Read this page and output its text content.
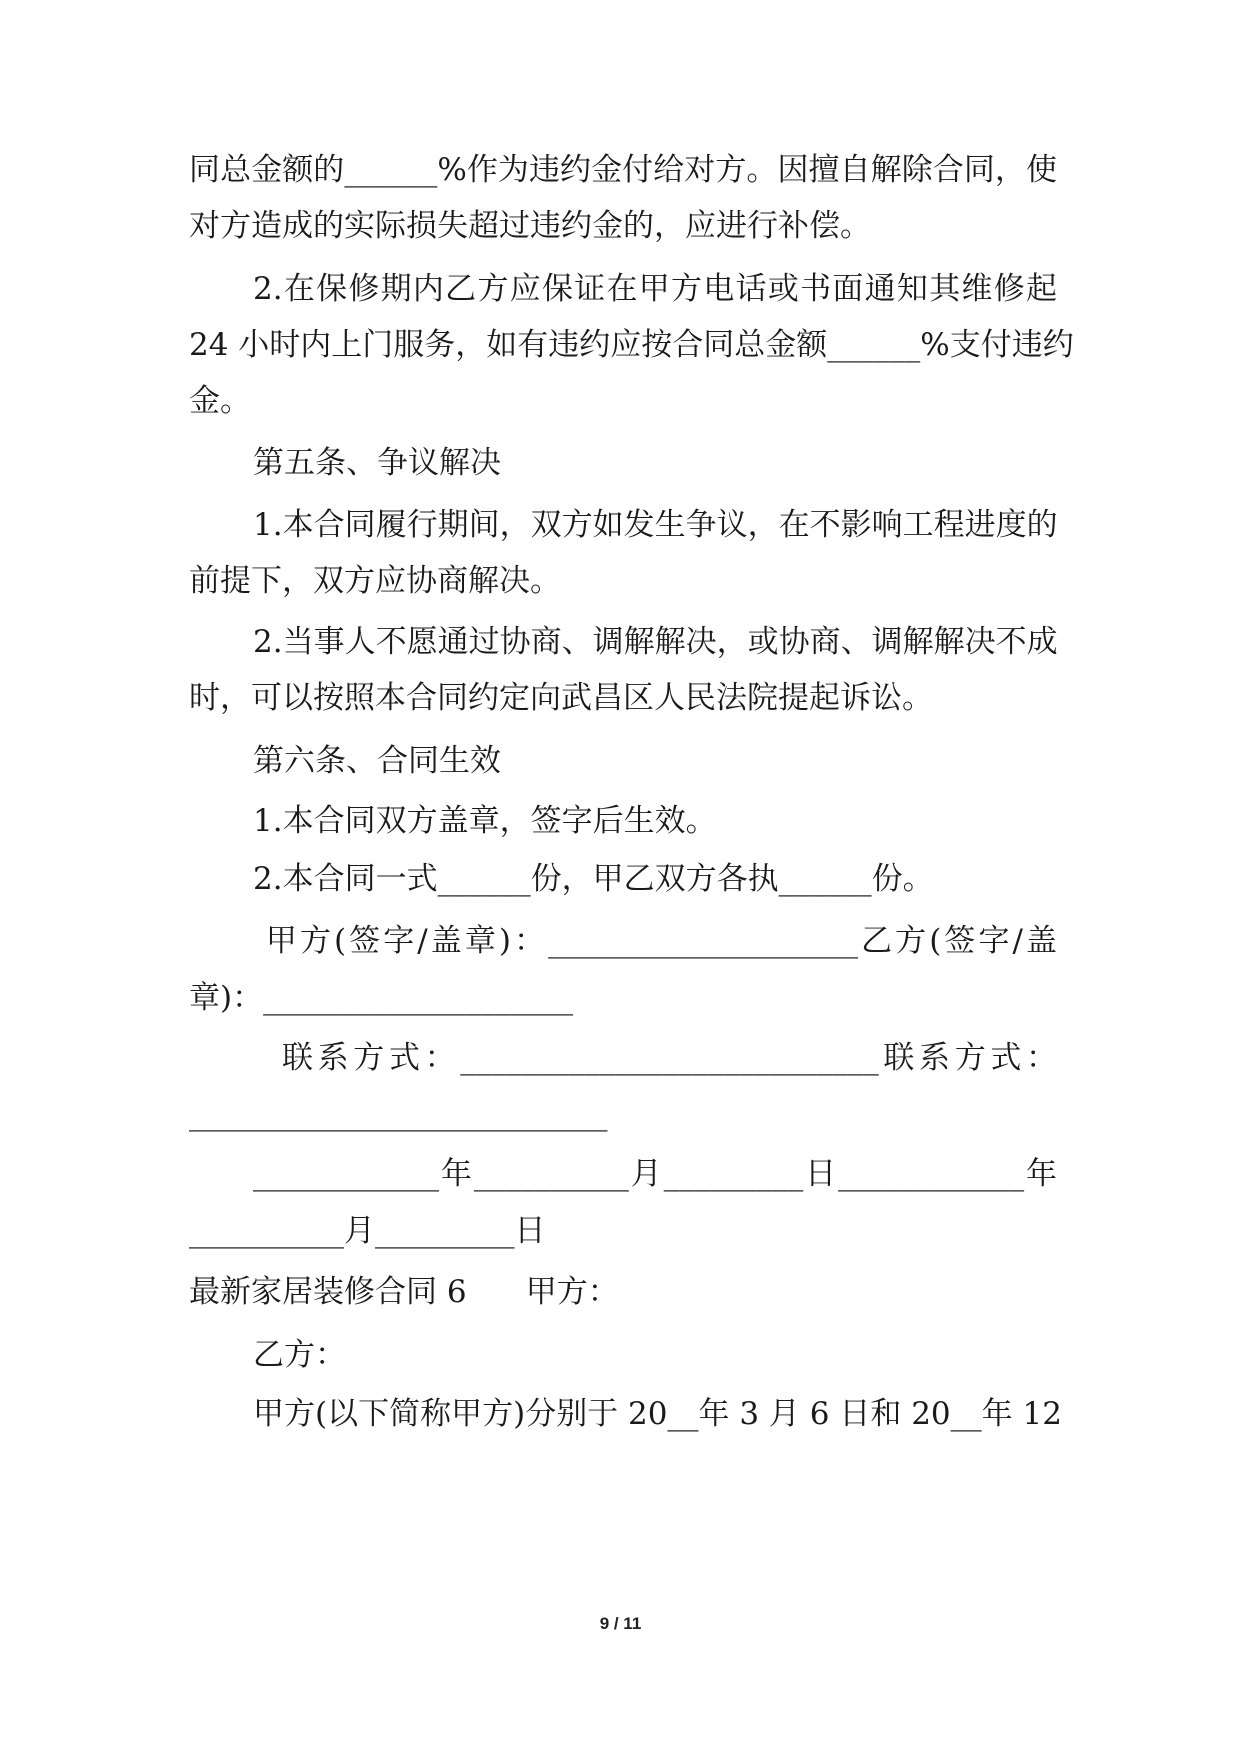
同总金额的______%作为违约金付给对方。因擅自解除合同，使
对方造成的实际损失超过违约金的，应进行补偿。
2.在保修期内乙方应保证在甲方电话或书面通知其维修起
24 小时内上门服务，如有违约应按合同总金额______%支付违约
金。
第五条、争议解决
1.本合同履行期间，双方如发生争议，在不影响工程进度的
前提下，双方应协商解决。
2.当事人不愿通过协商、调解解决，或协商、调解解决不成
时，可以按照本合同约定向武昌区人民法院提起诉讼。
第六条、合同生效
1.本合同双方盖章，签字后生效。
2.本合同一式______份，甲乙双方各执______份。
甲方(签字/盖章)：____________________乙方(签字/盖
章)：____________________
联系方式：___________________________联系方式：
___________________________
____________年__________月_________日____________年
__________月_________日
最新家居装修合同 6      甲方：
乙方：
甲方(以下简称甲方)分别于 20__年 3 月 6 日和 20__年 12
9 / 11
